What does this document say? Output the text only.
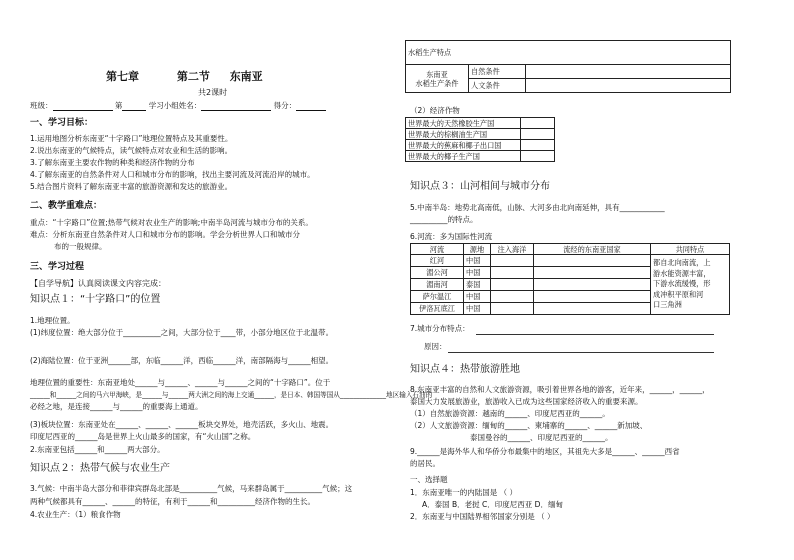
第七章	第二节 东南亚
共2课时
班级：	第	学习小组姓名：	得分：
一、学习目标：
1.运用地图分析东南亚“十字路口”地理位置特点及其重要性。
2.说出东南亚的气候特点，读气候特点对农业和生活的影响。
3.了解东南亚主要农作物的种类和经济作物的分布
4.了解东南亚的自然条件对人口和城市分布的影响，找出主要河流及河流沿岸的城市。
5.结合图片资料了解东南亚丰富的旅游资源和发达的旅游业。
二、教学重难点：
重点：“十字路口”位置;热带气候对农业生产的影响;中南半岛河流与城市分布的关系。
难点：分析东南亚自然条件对人口和城市分布的影响。学会分析世界人口和城市分
布的一般规律。
三、学习过程
【自学导航】认真阅读课文内容完成：
知识点１：“十字路口”的位置
1.地理位置。
(1)纬度位置：绝大部分位于__________之间，大部分位于____带，小部分地区位于北温带。
(2)海陆位置：位于亚洲______部，东临______洋，西临______洋，南部隔海与______相望。
地理位置的重要性：东南亚地处______与______、______与______之间的“十字路口”。位于
______和______之间的马六甲海峡，是______与______两大洲之间的海上交通______，是日本、韩国等国从______________地区输入石油的
必经之地，是连接______与______的重要海上通道。
(3)板块位置：东南亚处在______、______、______板块交界处，地壳活跃，多火山、地震。
印度尼西亚的______岛是世界上火山最多的国家，有“火山国”之称。
2.东南亚包括______和______两大部分。
知识点２：热带气候与农业生产
3.气候：中南半岛大部分和菲律宾群岛北部是__________气候，马来群岛属于__________气候；这
两种气候都具有______、______的特征，有利于______和__________经济作物的生长。
4.农业生产：（1）粮食作物
水稻生产特点		
东南亚
水稻生产条件	自然条件	
	人文条件	
（2）经济作物
世界最大的天然橡胶生产国	
世界最大的棕榈油生产国	
世界最大的蕉麻和椰子出口国	
世界最大的椰子生产国	
知识点３：山河相间与城市分布
5.中南半岛：地势北高南低，山脉、大河多由北向南延伸，具有____________
__________的特点。
6.河流：多为国际性河流
河流	源地	注入海洋	流经的东南亚国家	共同特点
红河	中国			都自北向南流，上
游水能资源丰富，
下游水流缓慢，形
成冲积平原和河
口三角洲
湄公河	中国			
湄南河	泰国			
萨尔温江	中国			
伊洛瓦底江	中国			
7.城市分布特点：
原因：
知识点４：热带旅游胜地
8.东南亚丰富的自然和人文旅游资源，吸引着世界各地的游客，近年来，______，______，
泰国大力发展旅游业，旅游收入已成为这些国家经济收入的重要来源。
（1）自然旅游资源：越南的______、印度尼西亚的______。
（2）人文旅游资源：缅甸的______、柬埔寨的______、______新加坡、
泰国曼谷的______、印度尼西亚的______。
9.______是海外华人和华侨分布最集中的地区，其祖先大多是______、______西省
的居民。
一、选择题
1．东南亚唯一的内陆国是 （ ）
A．泰国 B．老挝 C．印度尼西亚 D．缅甸
2．东南亚与中国陆界相邻国家分别是 （ ）
